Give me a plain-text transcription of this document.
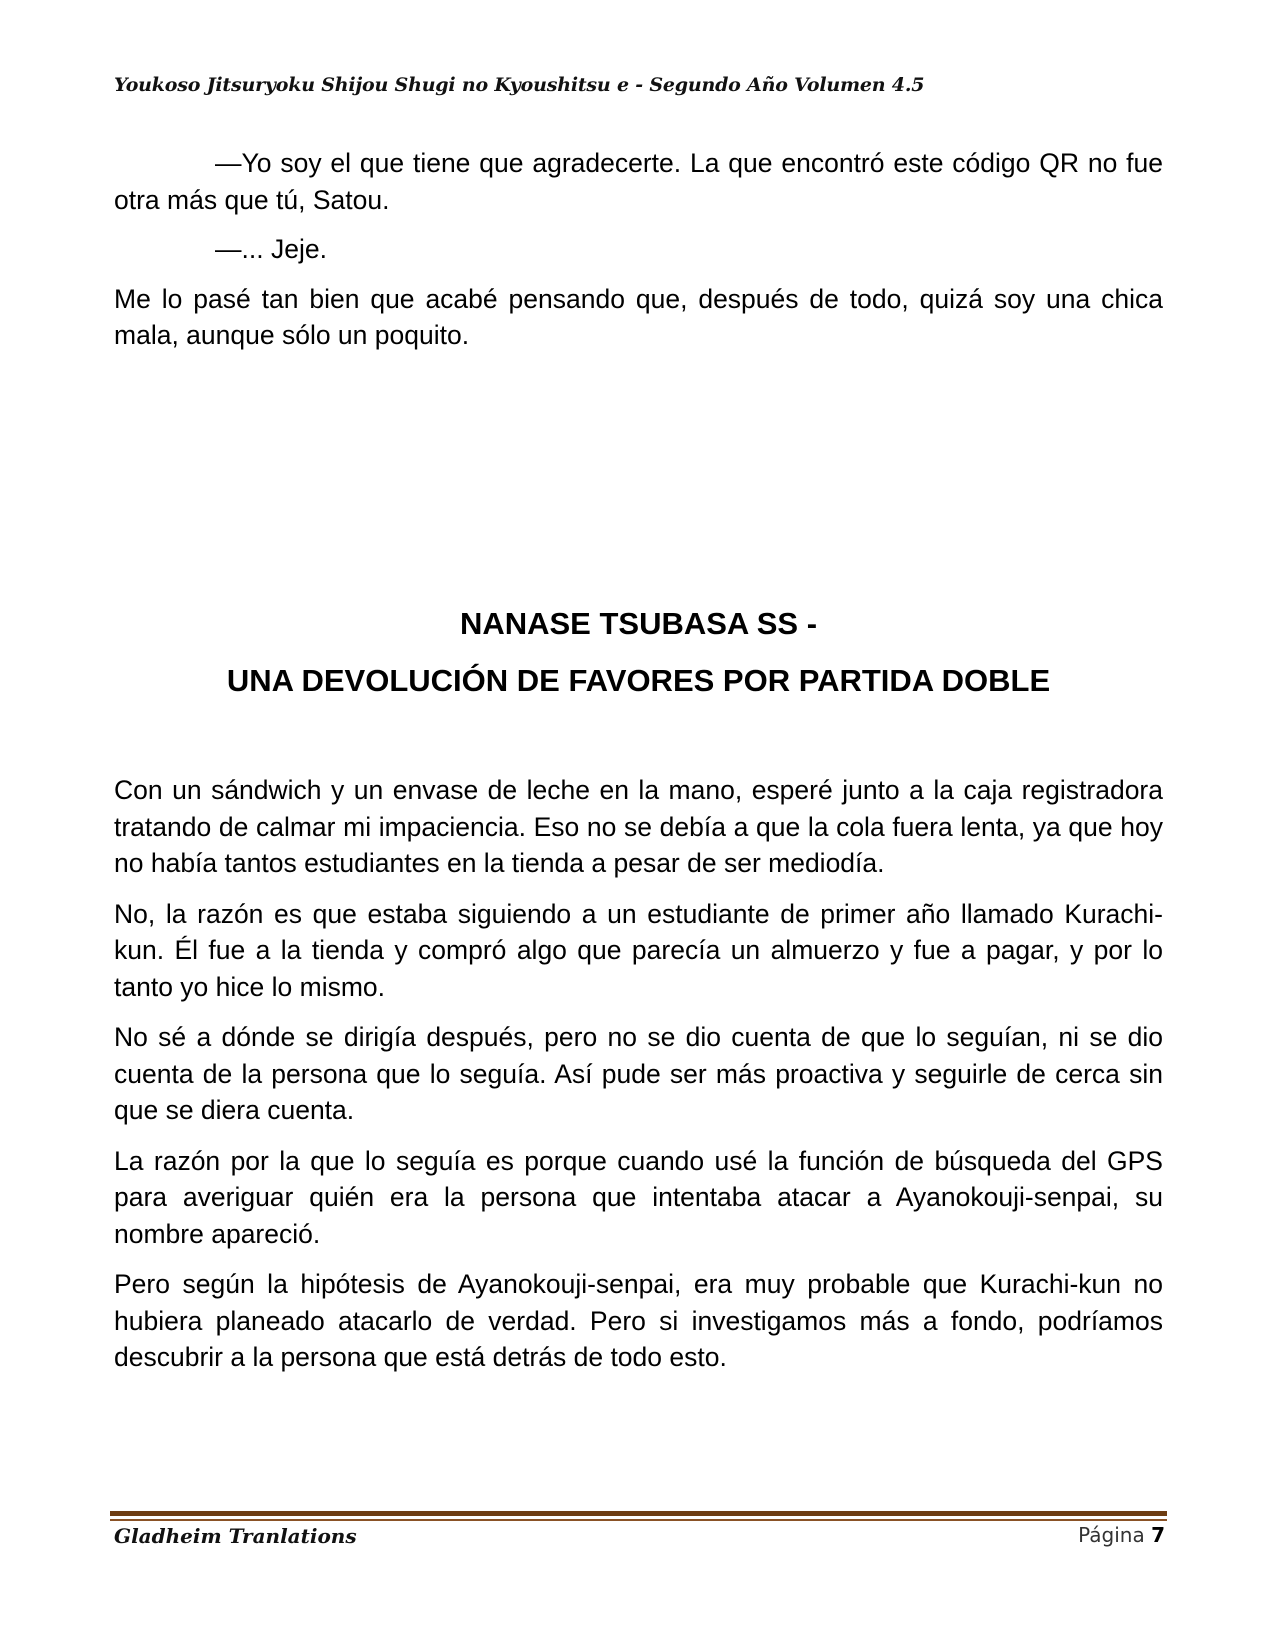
Youkoso Jitsuryoku Shijou Shugi no Kyoushitsu e - Segundo Año Volumen 4.5

—Yo soy el que tiene que agradecerte. La que encontró este código QR no fue otra más que tú, Satou.

—... Jeje.

Me lo pasé tan bien que acabé pensando que, después de todo, quizá soy una chica mala, aunque sólo un poquito.

NANASE TSUBASA SS -
UNA DEVOLUCIÓN DE FAVORES POR PARTIDA DOBLE

Con un sándwich y un envase de leche en la mano, esperé junto a la caja registradora tratando de calmar mi impaciencia. Eso no se debía a que la cola fuera lenta, ya que hoy no había tantos estudiantes en la tienda a pesar de ser mediodía.

No, la razón es que estaba siguiendo a un estudiante de primer año llamado Kurachi-kun. Él fue a la tienda y compró algo que parecía un almuerzo y fue a pagar, y por lo tanto yo hice lo mismo.

No sé a dónde se dirigía después, pero no se dio cuenta de que lo seguían, ni se dio cuenta de la persona que lo seguía. Así pude ser más proactiva y seguirle de cerca sin que se diera cuenta.

La razón por la que lo seguía es porque cuando usé la función de búsqueda del GPS para averiguar quién era la persona que intentaba atacar a Ayanokouji-senpai, su nombre apareció.

Pero según la hipótesis de Ayanokouji-senpai, era muy probable que Kurachi-kun no hubiera planeado atacarlo de verdad. Pero si investigamos más a fondo, podríamos descubrir a la persona que está detrás de todo esto.

Gladheim Tranlations	Página 7
